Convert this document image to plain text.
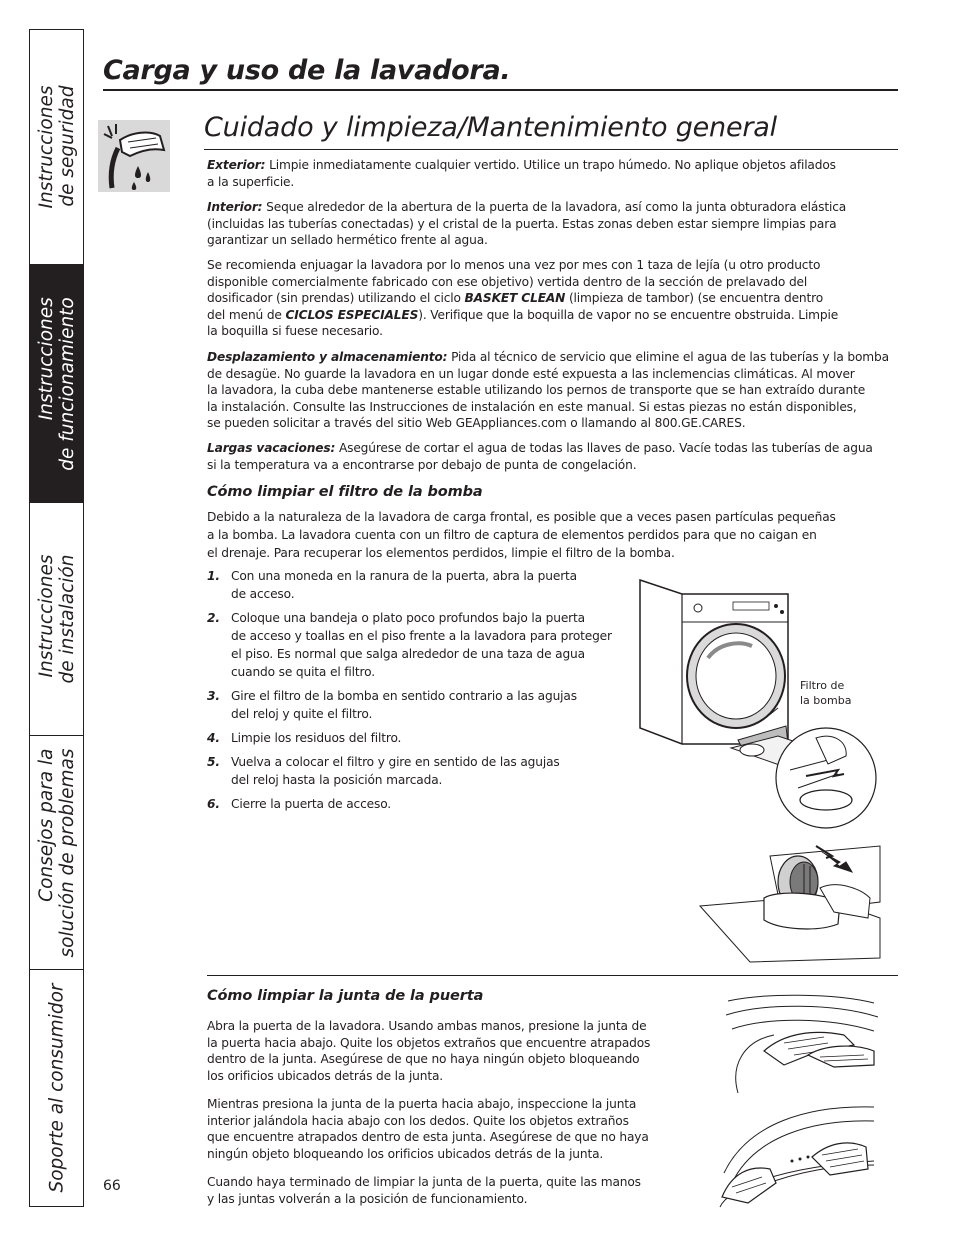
Instrucciones de seguridad
Instrucciones de funcionamiento
Instrucciones de instalación
Consejos para la solución de problemas
Soporte al consumidor
Carga y uso de la lavadora.
Cuidado y limpieza/Mantenimiento general

Exterior: Limpie inmediatamente cualquier vertido. Utilice un trapo húmedo. No aplique objetos afilados
a la superficie.

Interior: Seque alrededor de la abertura de la puerta de la lavadora, así como la junta obturadora elástica
(incluidas las tuberías conectadas) y el cristal de la puerta. Estas zonas deben estar siempre limpias para
garantizar un sellado hermético frente al agua.

Se recomienda enjuagar la lavadora por lo menos una vez por mes con 1 taza de lejía (u otro producto
disponible comercialmente fabricado con ese objetivo) vertida dentro de la sección de prelavado del
dosificador (sin prendas) utilizando el ciclo BASKET CLEAN (limpieza de tambor) (se encuentra dentro
del menú de CICLOS ESPECIALES). Verifique que la boquilla de vapor no se encuentre obstruida. Limpie
la boquilla si fuese necesario.

Desplazamiento y almacenamiento: Pida al técnico de servicio que elimine el agua de las tuberías y la bomba
de desagüe. No guarde la lavadora en un lugar donde esté expuesta a las inclemencias climáticas. Al mover
la lavadora, la cuba debe mantenerse estable utilizando los pernos de transporte que se han extraído durante
la instalación. Consulte las Instrucciones de instalación en este manual. Si estas piezas no están disponibles,
se pueden solicitar a través del sitio Web GEAppliances.com o llamando al 800.GE.CARES.

Largas vacaciones: Asegúrese de cortar el agua de todas las llaves de paso. Vacíe todas las tuberías de agua
si la temperatura va a encontrarse por debajo de punta de congelación.

Cómo limpiar el filtro de la bomba

Debido a la naturaleza de la lavadora de carga frontal, es posible que a veces pasen partículas pequeñas
a la bomba. La lavadora cuenta con un filtro de captura de elementos perdidos para que no caigan en
el drenaje. Para recuperar los elementos perdidos, limpie el filtro de la bomba.

1. Con una moneda en la ranura de la puerta, abra la puerta
de acceso.
2. Coloque una bandeja o plato poco profundos bajo la puerta
de acceso y toallas en el piso frente a la lavadora para proteger
el piso. Es normal que salga alrededor de una taza de agua
cuando se quita el filtro.
3. Gire el filtro de la bomba en sentido contrario a las agujas
del reloj y quite el filtro.
4. Limpie los residuos del filtro.
5. Vuelva a colocar el filtro y gire en sentido de las agujas
del reloj hasta la posición marcada.
6. Cierre la puerta de acceso.
Filtro de
la bomba
Cómo limpiar la junta de la puerta

Abra la puerta de la lavadora. Usando ambas manos, presione la junta de
la puerta hacia abajo. Quite los objetos extraños que encuentre atrapados
dentro de la junta. Asegúrese de que no haya ningún objeto bloqueando
los orificios ubicados detrás de la junta.

Mientras presiona la junta de la puerta hacia abajo, inspeccione la junta
interior jalándola hacia abajo con los dedos. Quite los objetos extraños
que encuentre atrapados dentro de esta junta. Asegúrese de que no haya
ningún objeto bloqueando los orificios ubicados detrás de la junta.

Cuando haya terminado de limpiar la junta de la puerta, quite las manos
y las juntas volverán a la posición de funcionamiento.

66
